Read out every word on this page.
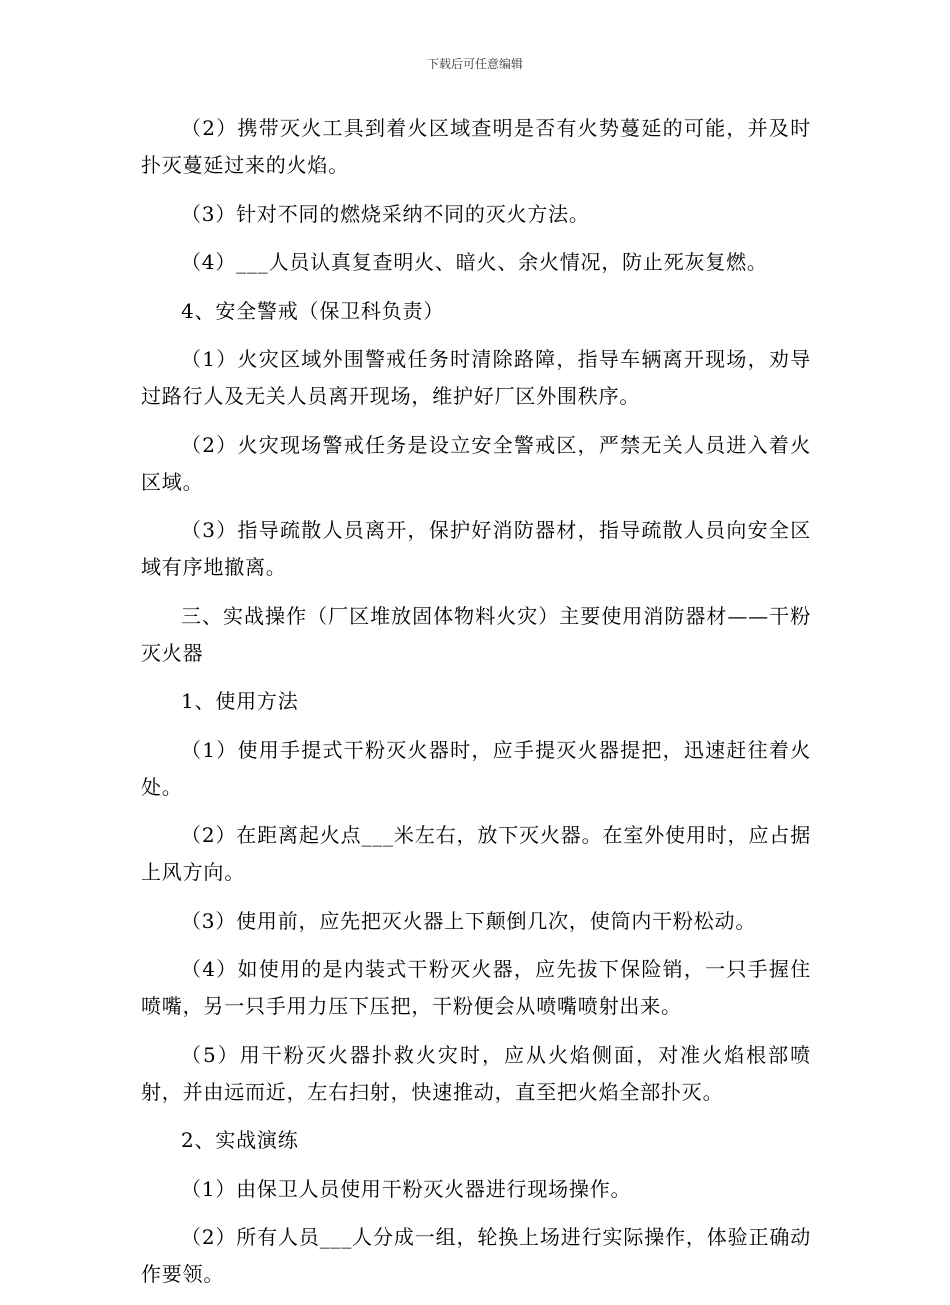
下载后可任意编辑

（2）携带灭火工具到着火区域查明是否有火势蔓延的可能，并及时扑灭蔓延过来的火焰。

（3）针对不同的燃烧采纳不同的灭火方法。

（4）___人员认真复查明火、暗火、余火情况，防止死灰复燃。

4、安全警戒（保卫科负责）

（1）火灾区域外围警戒任务时清除路障，指导车辆离开现场，劝导过路行人及无关人员离开现场，维护好厂区外围秩序。

（2）火灾现场警戒任务是设立安全警戒区，严禁无关人员进入着火区域。

（3）指导疏散人员离开，保护好消防器材，指导疏散人员向安全区域有序地撤离。

三、实战操作（厂区堆放固体物料火灾）主要使用消防器材——干粉灭火器

1、使用方法

（1）使用手提式干粉灭火器时，应手提灭火器提把，迅速赶往着火处。

（2）在距离起火点___米左右，放下灭火器。在室外使用时，应占据上风方向。

（3）使用前，应先把灭火器上下颠倒几次，使筒内干粉松动。

（4）如使用的是内装式干粉灭火器，应先拔下保险销，一只手握住喷嘴，另一只手用力压下压把，干粉便会从喷嘴喷射出来。

（5）用干粉灭火器扑救火灾时，应从火焰侧面，对准火焰根部喷射，并由远而近，左右扫射，快速推动，直至把火焰全部扑灭。

2、实战演练

（1）由保卫人员使用干粉灭火器进行现场操作。

（2）所有人员___人分成一组，轮换上场进行实际操作，体验正确动作要领。
